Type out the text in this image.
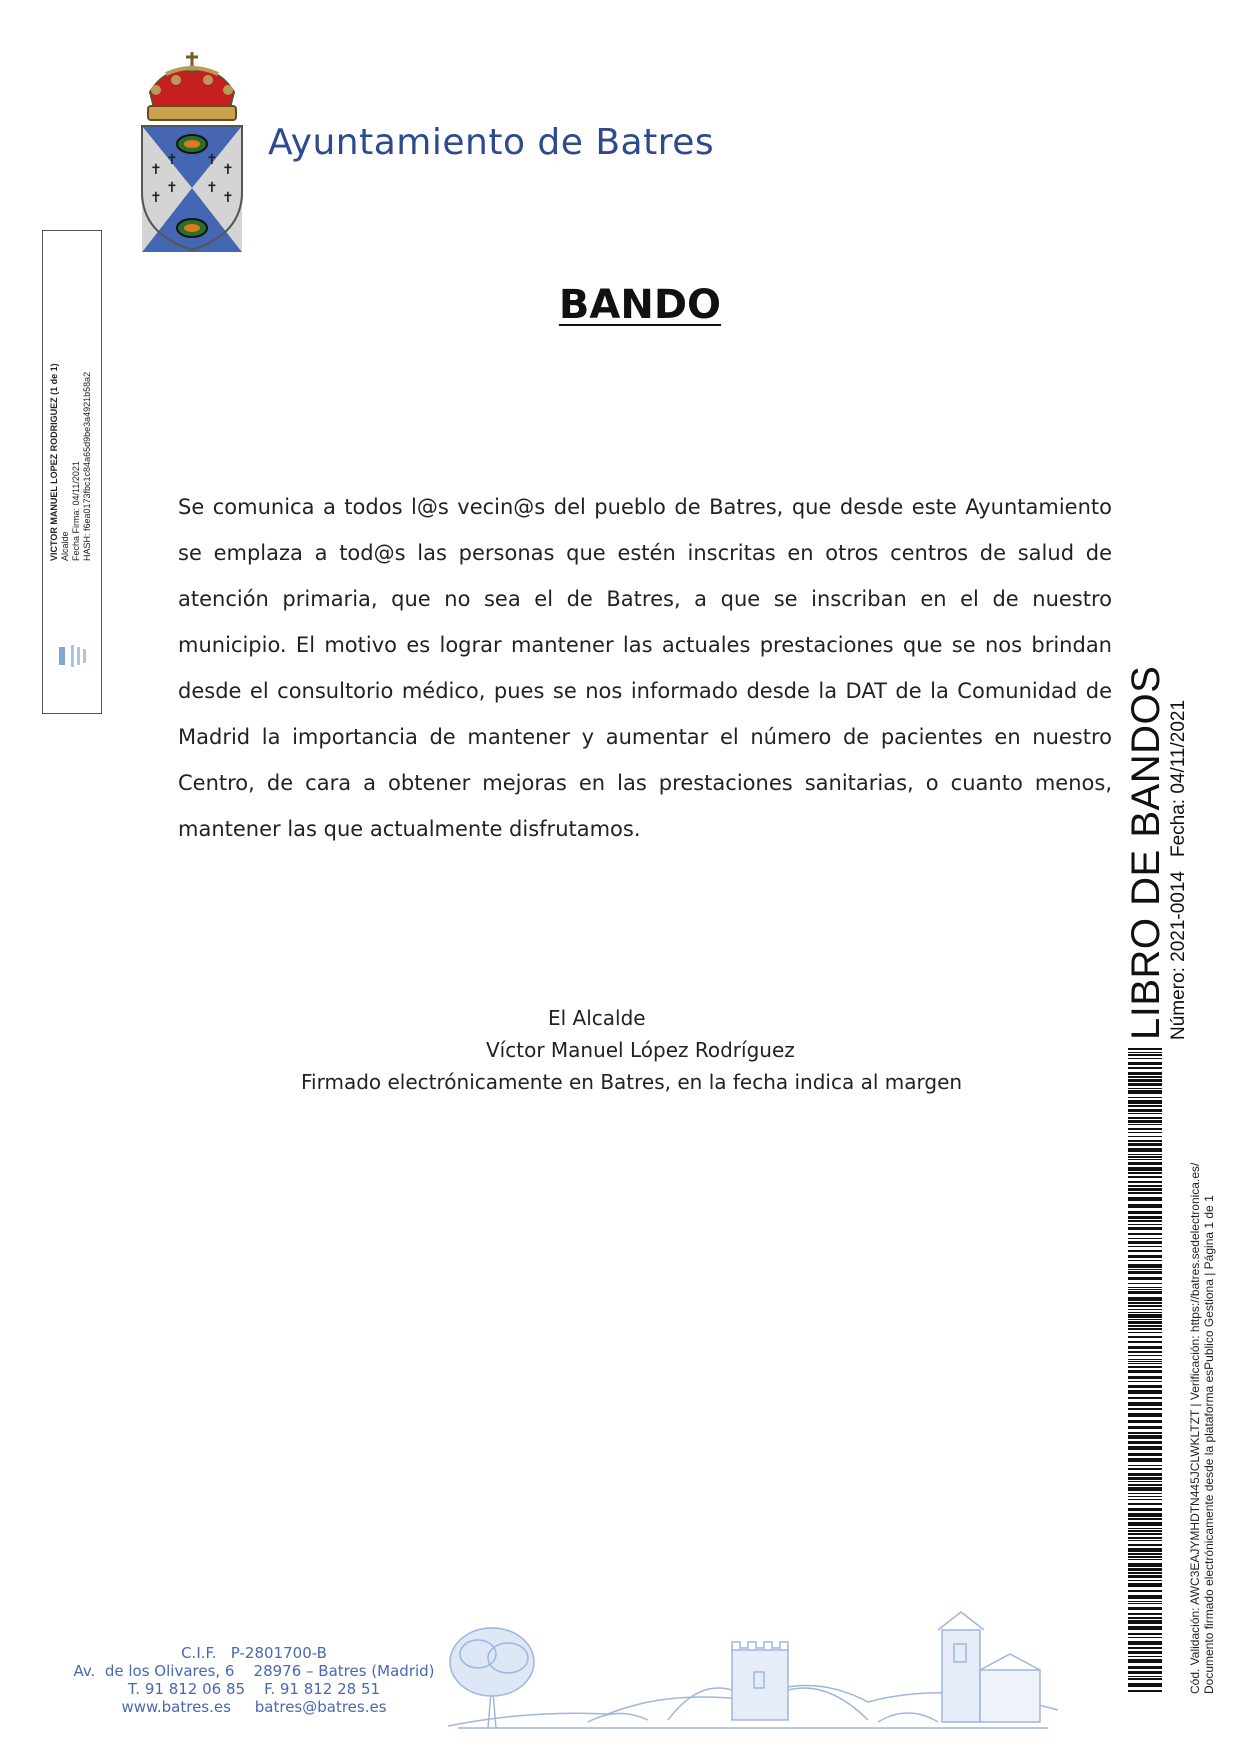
✝
✝
✝
✝
✝
✝
✝
✝
Ayuntamiento de Batres
BANDO
Se comunica a todos l@s vecin@s del pueblo de Batres, que desde este Ayuntamiento se emplaza a tod@s las personas que estén inscritas en otros centros de salud de atención primaria, que no sea el de Batres, a que se inscriban en el de nuestro municipio. El motivo es lograr mantener las actuales prestaciones que se nos brindan desde el consultorio médico, pues se nos informado desde la DAT de la Comunidad de Madrid la importancia de mantener y aumentar el número de pacientes en nuestro Centro, de cara a obtener mejoras en las prestaciones sanitarias, o cuanto menos, mantener las que actualmente disfrutamos.
El Alcalde
Víctor Manuel López Rodríguez
Firmado electrónicamente en Batres, en la fecha indica al margen
VICTOR MANUEL LOPEZ RODRIGUEZ (1 de 1) Alcalde Fecha Firma: 04/11/2021 HASH: f6ea0173fbc1c84a65d9be3a4921b58a2
LIBRO DE BANDOS Número: 2021-0014Fecha: 04/11/2021
Cód. Validación: AWC3EAJYMHDTN445JCLWKLTZT | Verificación: https://batres.sedelectronica.es/ Documento firmado electrónicamente desde la plataforma esPublico Gestiona | Página 1 de 1
C.I.F.   P-2801700-B
Av.  de los Olivares, 6    28976 – Batres (Madrid)
T. 91 812 06 85    F. 91 812 28 51
www.batres.es     batres@batres.es
